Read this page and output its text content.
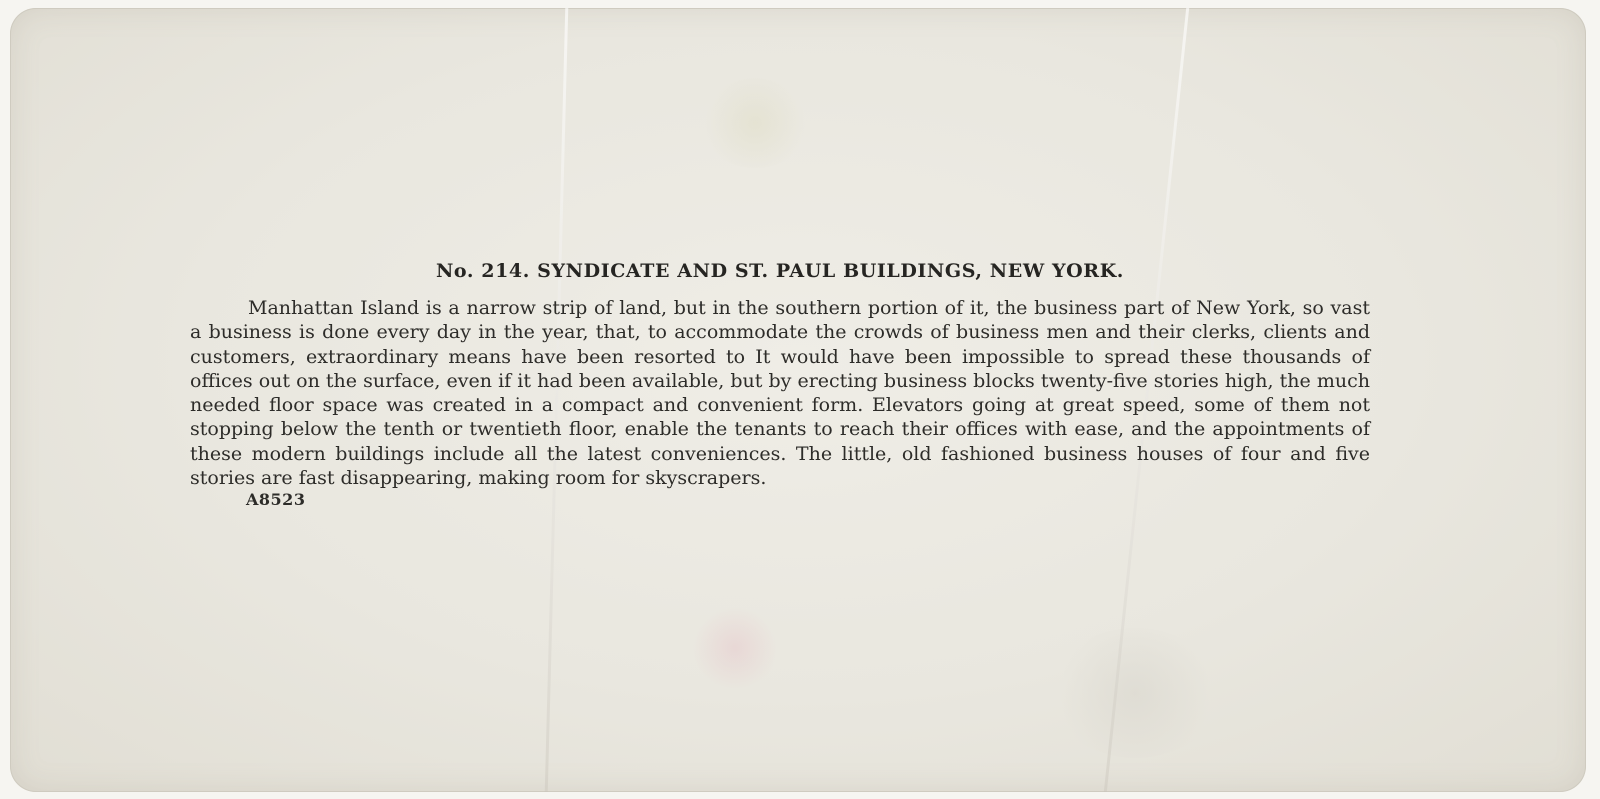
No. 214. SYNDICATE AND ST. PAUL BUILDINGS, NEW YORK.

Manhattan Island is a narrow strip of land, but in the southern portion of it, the business part of New York, so vast a business is done every day in the year, that, to accommodate the crowds of business men and their clerks, clients and customers, extraordinary means have been resorted to It would have been impossible to spread these thousands of offices out on the surface, even if it had been available, but by erecting business blocks twenty-five stories high, the much needed floor space was created in a compact and convenient form. Elevators going at great speed, some of them not stopping below the tenth or twentieth floor, enable the tenants to reach their offices with ease, and the appointments of these modern buildings include all the latest conveniences. The little, old fashioned business houses of four and five stories are fast disappearing, making room for skyscrapers.

A8523
